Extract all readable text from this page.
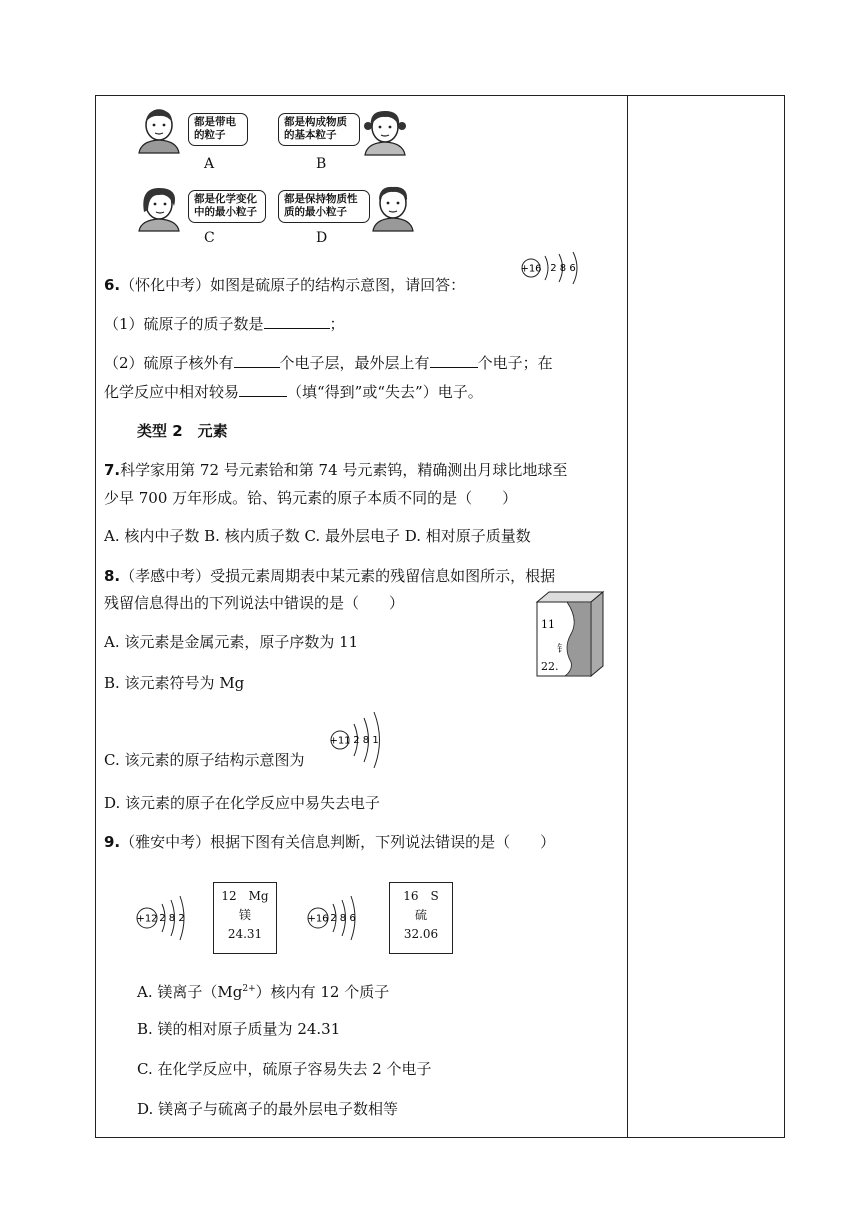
都是带电
的粒子
A
都是构成物质
的基本粒子
B
都是化学变化
中的最小粒子
C
都是保持物质性
质的最小粒子
D
6.（怀化中考）如图是硫原子的结构示意图，请回答：
+16 2 8 6
（1）硫原子的质子数是	；
（2）硫原子核外有	个电子层，最外层上有	个电子；在
化学反应中相对较易	（填“得到”或“失去”）电子。
类型 2　元素
7.科学家用第 72 号元素铪和第 74 号元素钨，精确测出月球比地球至
少早 700 万年形成。铪、钨元素的原子本质不同的是（　　）
A. 核内中子数 B. 核内质子数 C. 最外层电子 D. 相对原子质量数
8.（孝感中考）受损元素周期表中某元素的残留信息如图所示，根据
残留信息得出的下列说法中错误的是（　　）
11
钅
22.
A. 该元素是金属元素，原子序数为 11
B. 该元素符号为 Mg
C. 该元素的原子结构示意图为
+11 2 8 1
D. 该元素的原子在化学反应中易失去电子
9.（雅安中考）根据下图有关信息判断，下列说法错误的是（　　）
+12 2 8 2
12　Mg
镁
24.31
+16 2 8 6
16　S
硫
32.06
A. 镁离子$(Mg^{2+})$核内有 12 个质子
B. 镁的相对原子质量为 24.31
C. 在化学反应中，硫原子容易失去 2 个电子
D. 镁离子与硫离子的最外层电子数相等
